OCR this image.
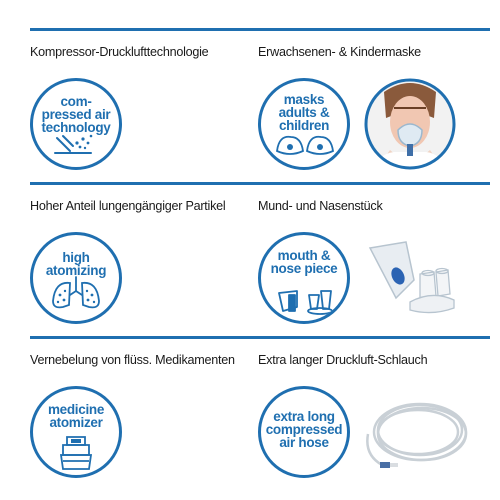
Kompressor-Drucklufttechnologie
com-
pressed air
technology
Erwachsenen- & Kindermaske
masks
adults &
children
Hoher Anteil lungengängiger Partikel
high
atomizing
Mund- und Nasenstück
mouth &
nose piece
Vernebelung von flüss. Medikamenten
medicine
atomizer
Extra langer Druckluft-Schlauch
extra long
compressed
air hose
